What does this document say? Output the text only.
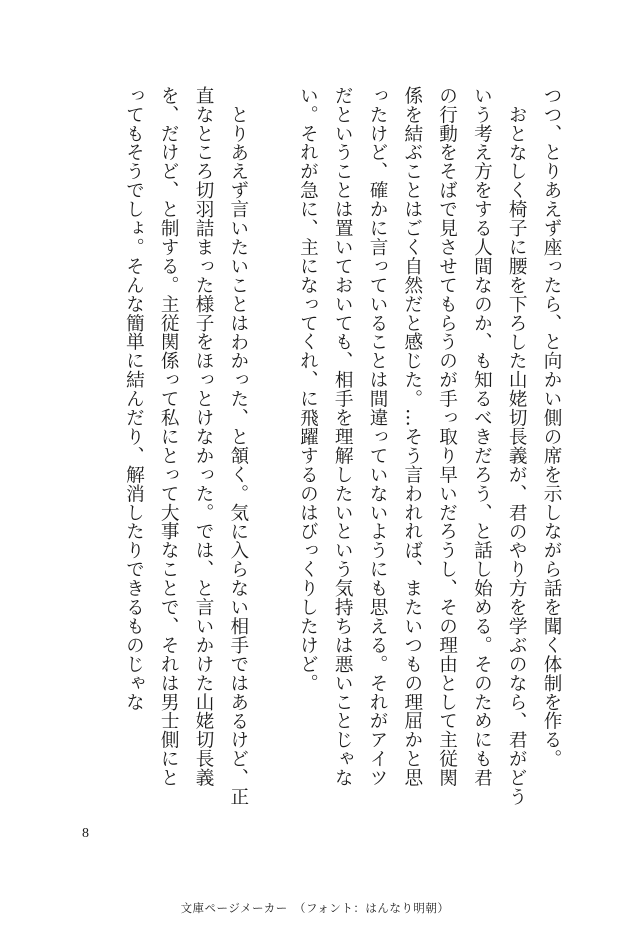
つつ、とりあえず座ったら、と向かい側の席を示しながら話を聞く体制を作る。

おとなしく椅子に腰を下ろした山姥切長義が、君のやり方を学ぶのなら、君がどういう考え方をする人間なのか、も知るべきだろう、と話し始める。そのためにも君の行動をそばで見させてもらうのが手っ取り早いだろうし、その理由として主従関係を結ぶことはごく自然だと感じた。…そう言われれば、またいつもの理屈かと思ったけど、確かに言っていることは間違っていないようにも思える。それがアイツだということは置いておいても、相手を理解したいという気持ちは悪いことじゃない。それが急に、主になってくれ、に飛躍するのはびっくりしたけど。

とりあえず言いたいことはわかった、と頷く。気に入らない相手ではあるけど、正直なところ切羽詰まった様子をほっとけなかった。では、と言いかけた山姥切長義を、だけど、と制する。主従関係って私にとって大事なことで、それは男士側にとってもそうでしょ。そんな簡単に結んだり、解消したりできるものじゃな

8
文庫ページメーカー　（フォント：はんなり明朝）
